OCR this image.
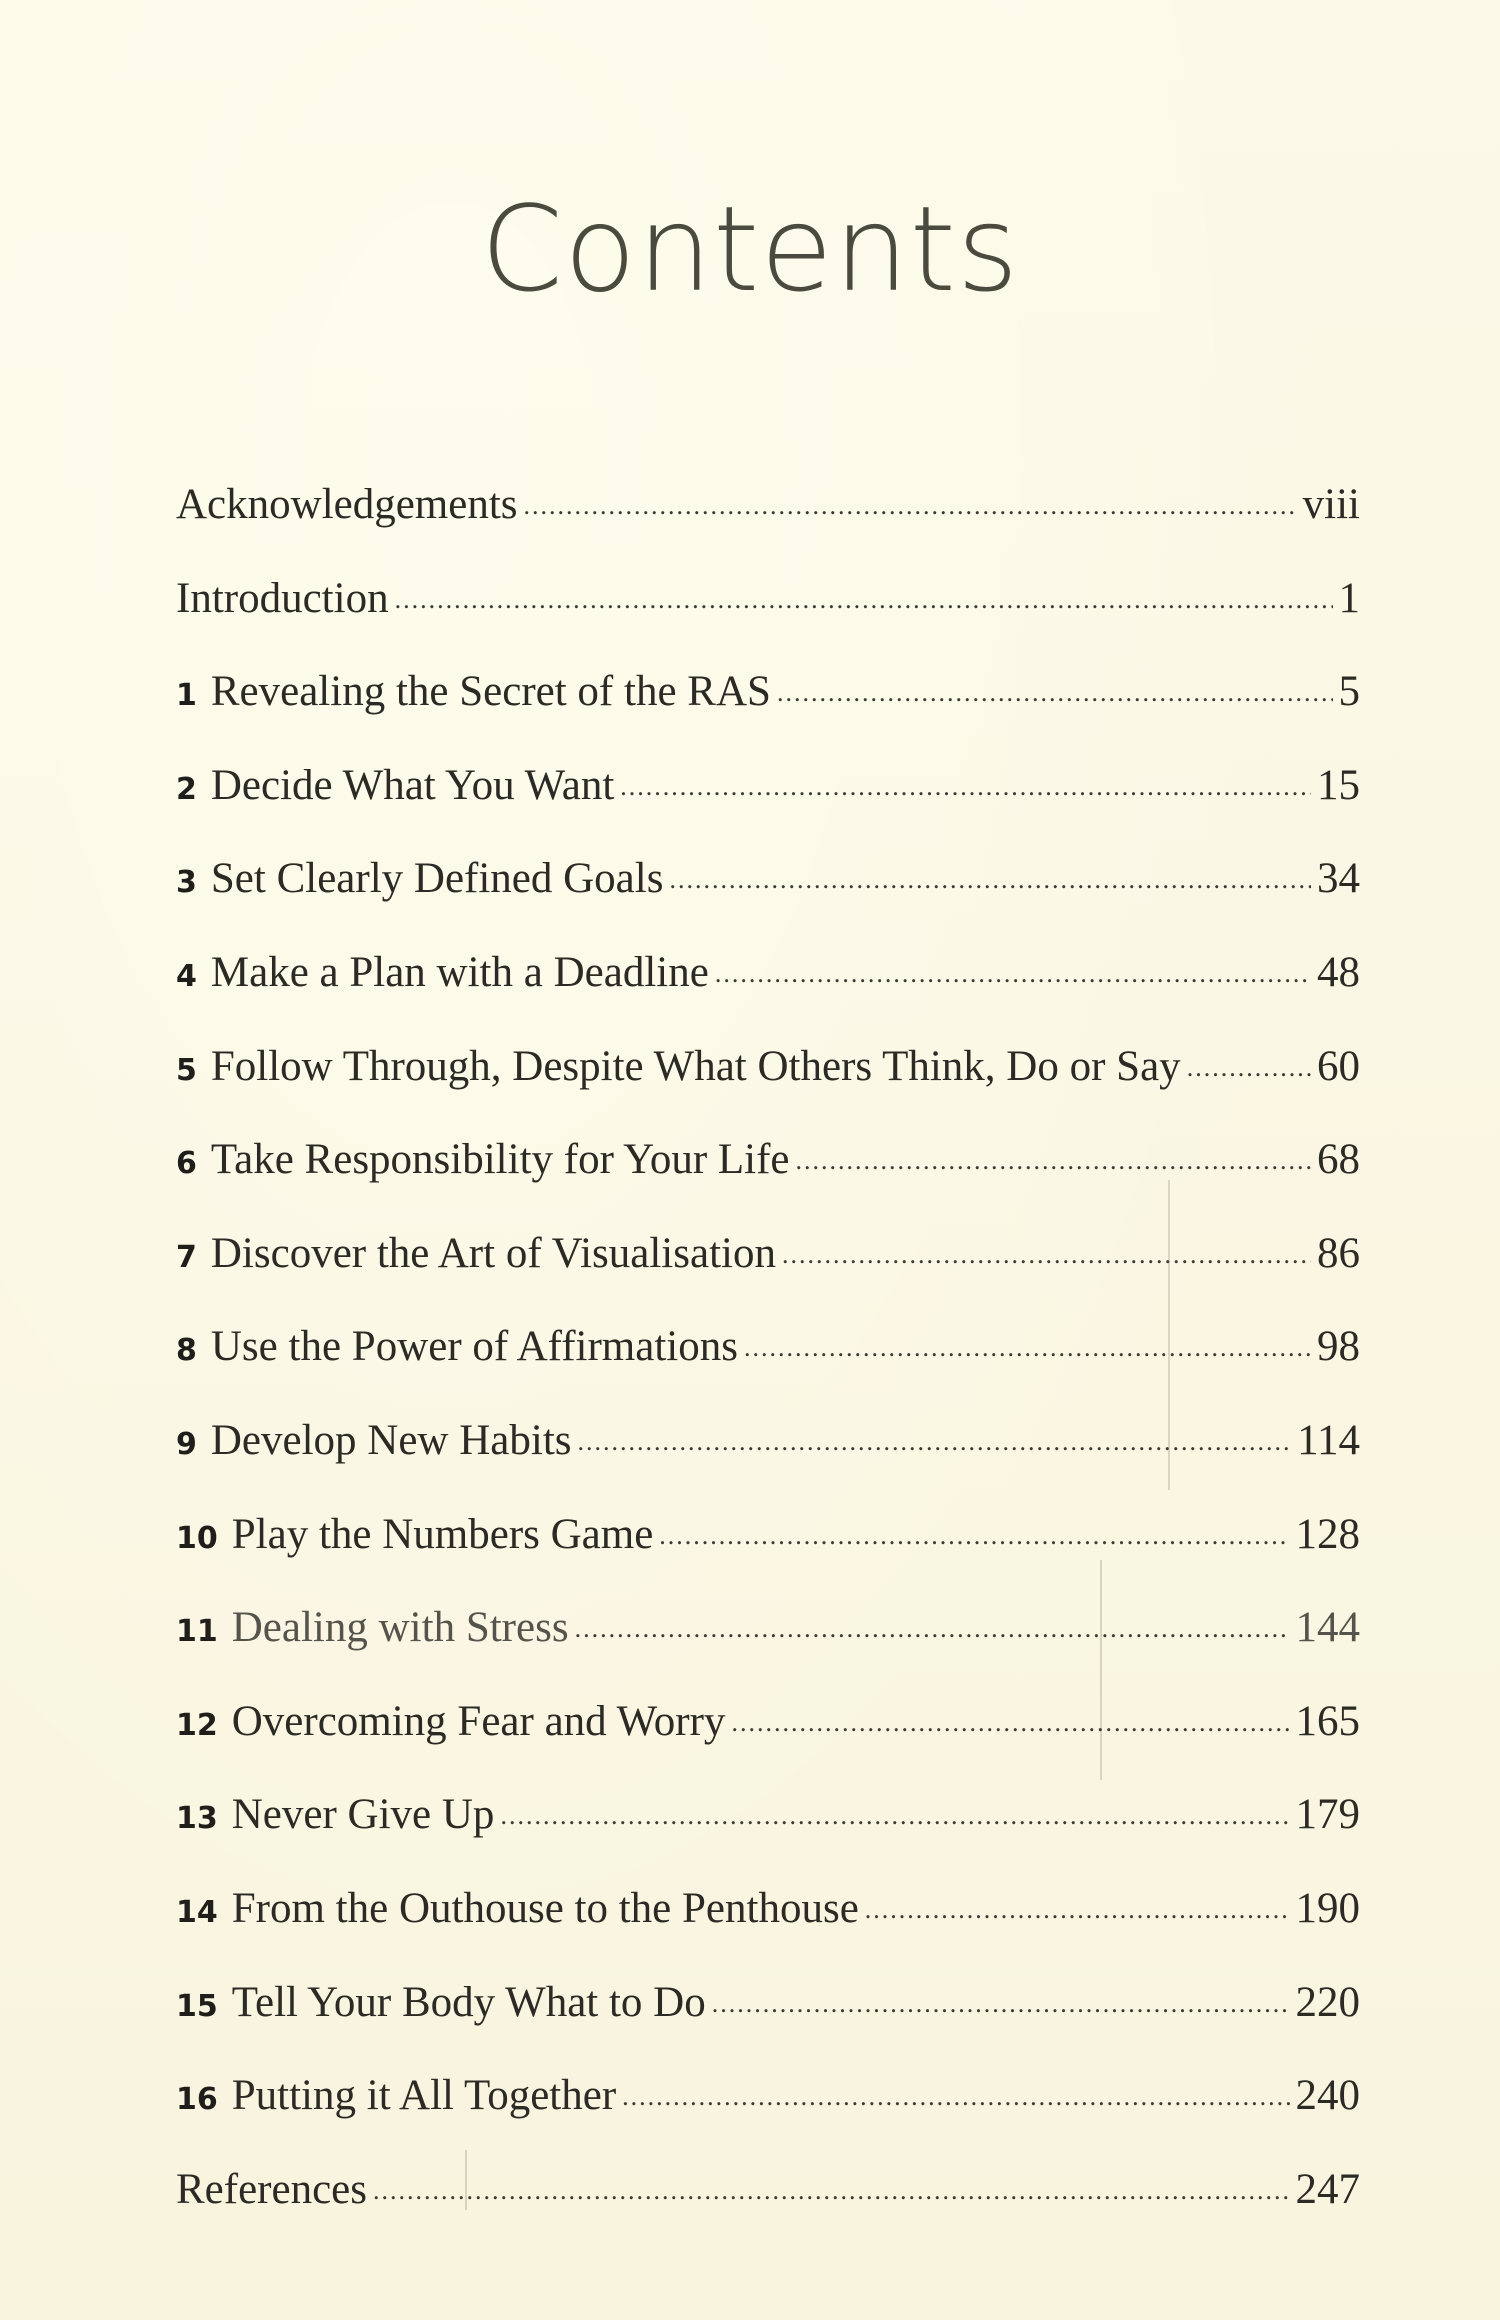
Contents
Acknowledgements .....	viii
Introduction .....	1
1 Revealing the Secret of the RAS .....	5
2 Decide What You Want .....	15
3 Set Clearly Defined Goals .....	34
4 Make a Plan with a Deadline .....	48
5 Follow Through, Despite What Others Think, Do or Say .....	60
6 Take Responsibility for Your Life .....	68
7 Discover the Art of Visualisation .....	86
8 Use the Power of Affirmations .....	98
9 Develop New Habits .....	114
10 Play the Numbers Game .....	128
11 Dealing with Stress .....	144
12 Overcoming Fear and Worry .....	165
13 Never Give Up .....	179
14 From the Outhouse to the Penthouse .....	190
15 Tell Your Body What to Do .....	220
16 Putting it All Together .....	240
References .....	247
